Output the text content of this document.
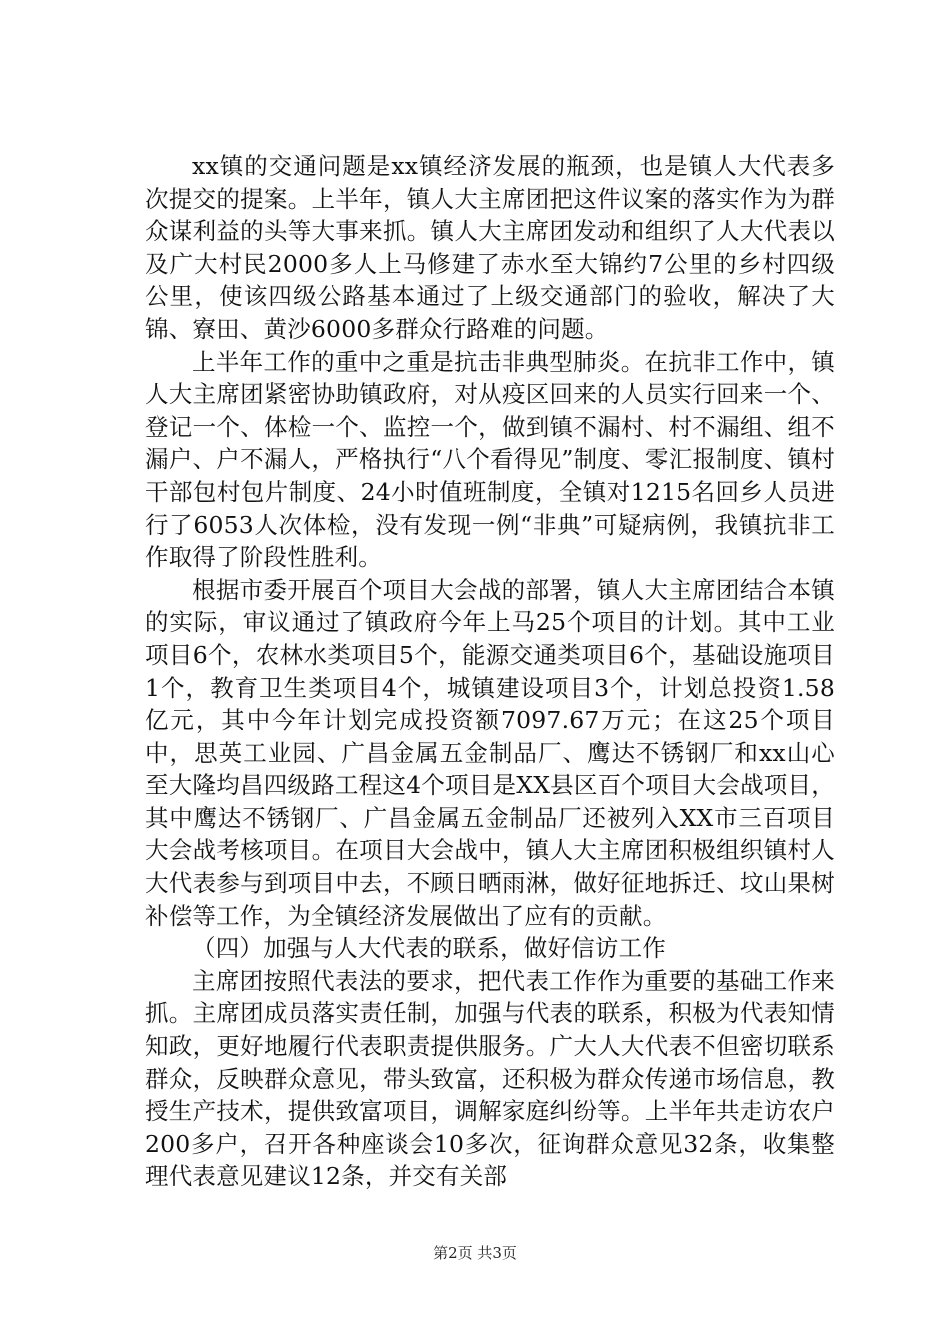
xx镇的交通问题是xx镇经济发展的瓶颈，也是镇人大代表多次提交的提案。上半年，镇人大主席团把这件议案的落实作为为群众谋利益的头等大事来抓。镇人大主席团发动和组织了人大代表以及广大村民2000多人上马修建了赤水至大锦约7公里的乡村四级公里，使该四级公路基本通过了上级交通部门的验收，解决了大锦、寮田、黄沙6000多群众行路难的问题。

上半年工作的重中之重是抗击非典型肺炎。在抗非工作中，镇人大主席团紧密协助镇政府，对从疫区回来的人员实行回来一个、登记一个、体检一个、监控一个，做到镇不漏村、村不漏组、组不漏户、户不漏人，严格执行“八个看得见”制度、零汇报制度、镇村干部包村包片制度、24小时值班制度，全镇对1215名回乡人员进行了6053人次体检，没有发现一例“非典”可疑病例，我镇抗非工作取得了阶段性胜利。

根据市委开展百个项目大会战的部署，镇人大主席团结合本镇的实际，审议通过了镇政府今年上马25个项目的计划。其中工业项目6个，农林水类项目5个，能源交通类项目6个，基础设施项目1个，教育卫生类项目4个，城镇建设项目3个，计划总投资1.58亿元，其中今年计划完成投资额7097.67万元；在这25个项目中，思英工业园、广昌金属五金制品厂、鹰达不锈钢厂和xx山心至大隆均昌四级路工程这4个项目是XX县区百个项目大会战项目，其中鹰达不锈钢厂、广昌金属五金制品厂还被列入XX市三百项目大会战考核项目。在项目大会战中，镇人大主席团积极组织镇村人大代表参与到项目中去，不顾日晒雨淋，做好征地拆迁、坟山果树补偿等工作，为全镇经济发展做出了应有的贡献。

（四）加强与人大代表的联系，做好信访工作

主席团按照代表法的要求，把代表工作作为重要的基础工作来抓。主席团成员落实责任制，加强与代表的联系，积极为代表知情知政，更好地履行代表职责提供服务。广大人大代表不但密切联系群众，反映群众意见，带头致富，还积极为群众传递市场信息，教授生产技术，提供致富项目，调解家庭纠纷等。上半年共走访农户200多户，召开各种座谈会10多次，征询群众意见32条，收集整理代表意见建议12条，并交有关部

第2页 共3页
